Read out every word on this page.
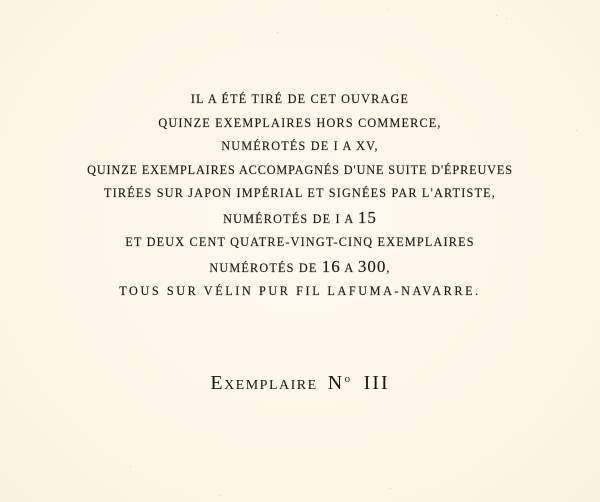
IL A ÉTÉ TIRÉ DE CET OUVRAGE
QUINZE EXEMPLAIRES HORS COMMERCE,
NUMÉROTÉS DE I A XV,
QUINZE EXEMPLAIRES ACCOMPAGNÉS D'UNE SUITE D'ÉPREUVES
TIRÉES SUR JAPON IMPÉRIAL ET SIGNÉES PAR L'ARTISTE,
NUMÉROTÉS DE I A 15
ET DEUX CENT QUATRE-VINGT-CINQ EXEMPLAIRES
NUMÉROTÉS DE 16 A 300,
TOUS SUR VÉLIN PUR FIL LAFUMA-NAVARRE.
Exemplaire $N^o$ III
